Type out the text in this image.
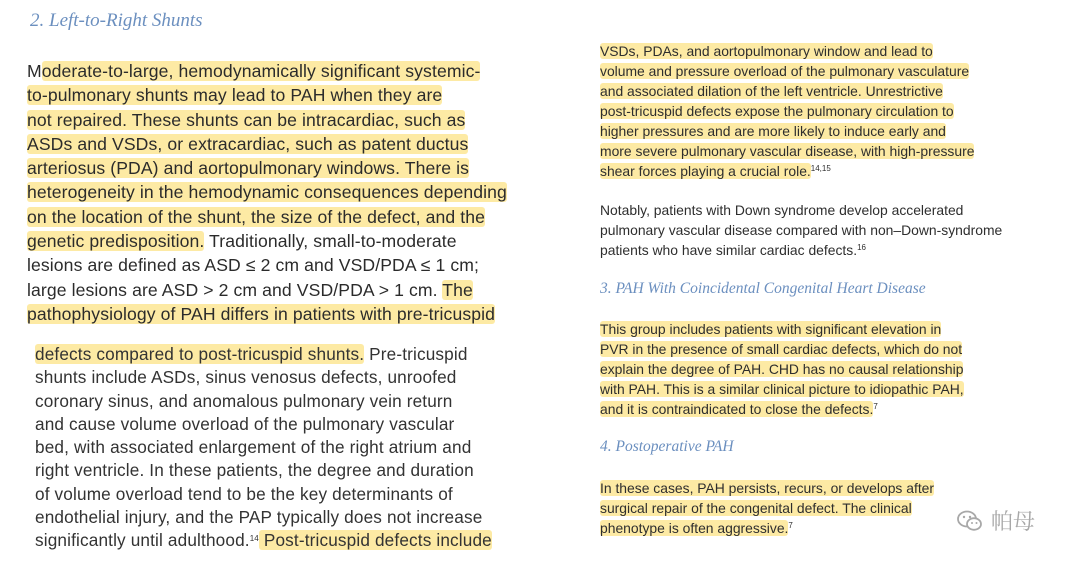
2. Left-to-Right Shunts
Moderate-to-large, hemodynamically significant systemic-
to-pulmonary shunts may lead to PAH when they are
not repaired. These shunts can be intracardiac, such as
ASDs and VSDs, or extracardiac, such as patent ductus
arteriosus (PDA) and aortopulmonary windows. There is
heterogeneity in the hemodynamic consequences depending
on the location of the shunt, the size of the defect, and the
genetic predisposition. Traditionally, small-to-moderate
lesions are defined as ASD ≤ 2 cm and VSD/PDA ≤ 1 cm;
large lesions are ASD > 2 cm and VSD/PDA > 1 cm. The
pathophysiology of PAH differs in patients with pre-tricuspid
defects compared to post-tricuspid shunts. Pre-tricuspid
shunts include ASDs, sinus venosus defects, unroofed
coronary sinus, and anomalous pulmonary vein return
and cause volume overload of the pulmonary vascular
bed, with associated enlargement of the right atrium and
right ventricle. In these patients, the degree and duration
of volume overload tend to be the key determinants of
endothelial injury, and the PAP typically does not increase
significantly until adulthood.$^{14}$ Post-tricuspid defects include
VSDs, PDAs, and aortopulmonary window and lead to
volume and pressure overload of the pulmonary vasculature
and associated dilation of the left ventricle. Unrestrictive
post-tricuspid defects expose the pulmonary circulation to
higher pressures and are more likely to induce early and
more severe pulmonary vascular disease, with high-pressure
shear forces playing a crucial role.$^{14,15}$
Notably, patients with Down syndrome develop accelerated
pulmonary vascular disease compared with non–Down-syndrome
patients who have similar cardiac defects.$^{16}$
3. PAH With Coincidental Congenital Heart Disease
This group includes patients with significant elevation in
PVR in the presence of small cardiac defects, which do not
explain the degree of PAH. CHD has no causal relationship
with PAH. This is a similar clinical picture to idiopathic PAH,
and it is contraindicated to close the defects.$^7$
4. Postoperative PAH
In these cases, PAH persists, recurs, or develops after
surgical repair of the congenital defect. The clinical
phenotype is often aggressive.$^7$	帕母
